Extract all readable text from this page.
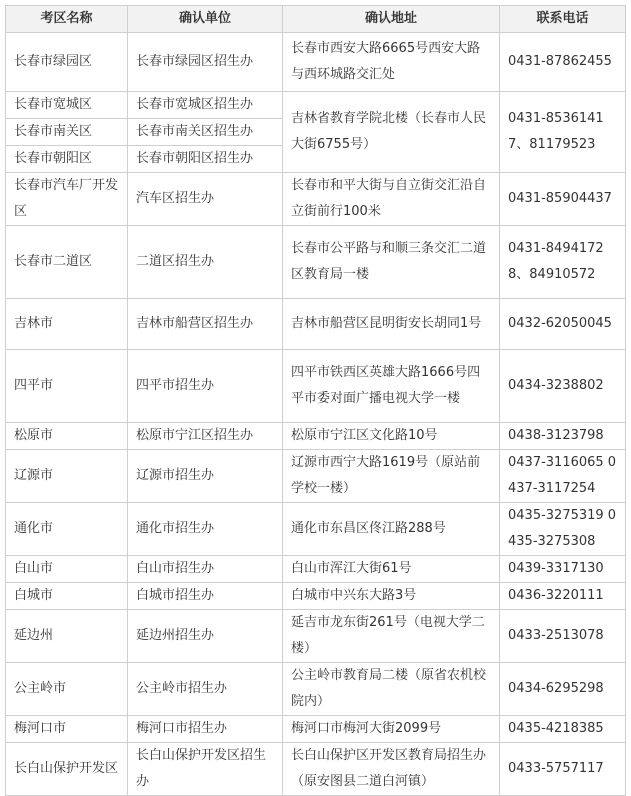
考区名称	确认单位	确认地址	联系电话
长春市绿园区	长春市绿园区招生办	长春市西安大路6665号西安大路与西环城路交汇处	0431-87862455
长春市宽城区	长春市宽城区招生办	吉林省教育学院北楼（长春市人民大街6755号）	0431-85361417、81179523
长春市南关区	长春市南关区招生办		
长春市朝阳区	长春市朝阳区招生办		
长春市汽车厂开发区	汽车区招生办	长春市和平大街与自立街交汇沿自立街前行100米	0431-85904437
长春市二道区	二道区招生办	长春市公平路与和顺三条交汇二道区教育局一楼	0431-84941728、84910572
吉林市	吉林市船营区招生办	吉林市船营区昆明街安长胡同1号	0432-62050045
四平市	四平市招生办	四平市铁西区英雄大路1666号四平市委对面广播电视大学一楼	0434-3238802
松原市	松原市宁江区招生办	松原市宁江区文化路10号	0438-3123798
辽源市	辽源市招生办	辽源市西宁大路1619号（原站前学校一楼）	0437-3116065 0437-3117254
通化市	通化市招生办	通化市东昌区佟江路288号	0435-3275319 0435-3275308
白山市	白山市招生办	白山市浑江大街61号	0439-3317130
白城市	白城市招生办	白城市中兴东大路3号	0436-3220111
延边州	延边州招生办	延吉市龙东街261号（电视大学二楼）	0433-2513078
公主岭市	公主岭市招生办	公主岭市教育局二楼（原省农机校院内）	0434-6295298
梅河口市	梅河口市招生办	梅河口市梅河大街2099号	0435-4218385
长白山保护开发区	长白山保护开发区招生办	长白山保护区开发区教育局招生办（原安图县二道白河镇）	0433-5757117
